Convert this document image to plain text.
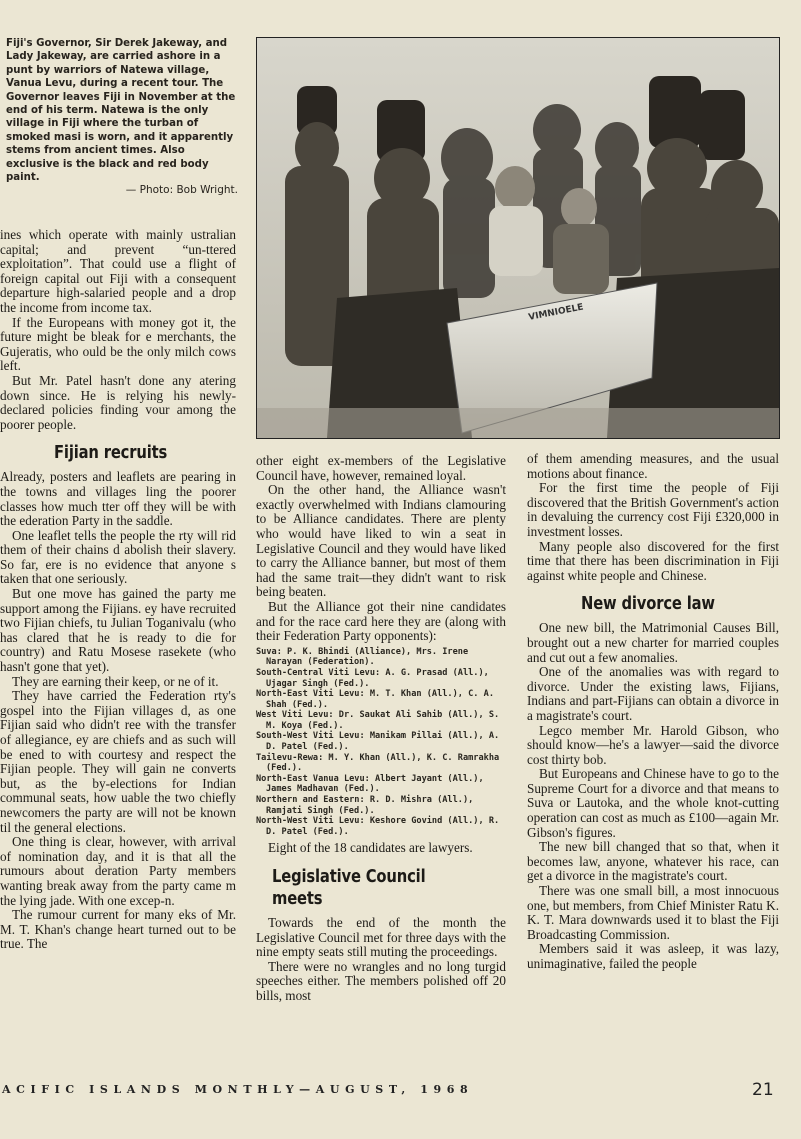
Fiji's Governor, Sir Derek Jakeway, and Lady Jakeway, are carried ashore in a punt by warriors of Natewa village, Vanua Levu, during a recent tour. The Governor leaves Fiji in November at the end of his term. Natewa is the only village in Fiji where the turban of smoked masi is worn, and it apparently stems from ancient times. Also exclusive is the black and red body paint.
— Photo: Bob Wright.
VIMNIOELE

ines which operate with mainly ustralian capital; and prevent “un-ttered exploitation”. That could use a flight of foreign capital out Fiji with a consequent departure high-salaried people and a drop the income from income tax.

If the Europeans with money got it, the future might be bleak for e merchants, the Gujeratis, who ould be the only milch cows left.

But Mr. Patel hasn't done any atering down since. He is relying his newly-declared policies finding vour among the poorer people.

Fijian recruits

Already, posters and leaflets are pearing in the towns and villages ling the poorer classes how much tter off they will be with the ederation Party in the saddle.

One leaflet tells the people the rty will rid them of their chains d abolish their slavery. So far, ere is no evidence that anyone s taken that one seriously.

But one move has gained the party me support among the Fijians. ey have recruited two Fijian chiefs, tu Julian Toganivalu (who has clared that he is ready to die for country) and Ratu Mosese rasekete (who hasn't gone that yet).

They are earning their keep, or ne of it.

They have carried the Federation rty's gospel into the Fijian villages d, as one Fijian said who didn't ree with the transfer of allegiance, ey are chiefs and as such will be ened to with courtesy and respect the Fijian people. They will gain ne converts but, as the by-elections for Indian communal seats, how uable the two chiefly newcomers the party are will not be known til the general elections.

One thing is clear, however, with arrival of nomination day, and it is that all the rumours about deration Party members wanting break away from the party came m the lying jade. With one excep-n.

The rumour current for many eks of Mr. M. T. Khan's change heart turned out to be true. The

other eight ex-members of the Legislative Council have, however, remained loyal.

On the other hand, the Alliance wasn't exactly overwhelmed with Indians clamouring to be Alliance candidates. There are plenty who would have liked to win a seat in Legislative Council and they would have liked to carry the Alliance banner, but most of them had the same trait—they didn't want to risk being beaten.

But the Alliance got their nine candidates and for the race card here they are (along with their Federation Party opponents):

Suva: P. K. Bhindi (Alliance), Mrs. Irene Narayan (Federation).
South-Central Viti Levu: A. G. Prasad (All.), Ujagar Singh (Fed.).
North-East Viti Levu: M. T. Khan (All.), C. A. Shah (Fed.).
West Viti Levu: Dr. Saukat Ali Sahib (All.), S. M. Koya (Fed.).
South-West Viti Levu: Manikam Pillai (All.), A. D. Patel (Fed.).
Tailevu-Rewa: M. Y. Khan (All.), K. C. Ramrakha (Fed.).
North-East Vanua Levu: Albert Jayant (All.), James Madhavan (Fed.).
Northern and Eastern: R. D. Mishra (All.), Ramjati Singh (Fed.).
North-West Viti Levu: Keshore Govind (All.), R. D. Patel (Fed.).

Eight of the 18 candidates are lawyers.

Legislative Council meets

Towards the end of the month the Legislative Council met for three days with the nine empty seats still muting the proceedings.

There were no wrangles and no long turgid speeches either. The members polished off 20 bills, most

of them amending measures, and the usual motions about finance.

For the first time the people of Fiji discovered that the British Government's action in devaluing the currency cost Fiji £320,000 in investment losses.

Many people also discovered for the first time that there has been discrimination in Fiji against white people and Chinese.

New divorce law

One new bill, the Matrimonial Causes Bill, brought out a new charter for married couples and cut out a few anomalies.

One of the anomalies was with regard to divorce. Under the existing laws, Fijians, Indians and part-Fijians can obtain a divorce in a magistrate's court.

Legco member Mr. Harold Gibson, who should know—he's a lawyer—said the divorce cost thirty bob.

But Europeans and Chinese have to go to the Supreme Court for a divorce and that means to Suva or Lautoka, and the whole knot-cutting operation can cost as much as £100—again Mr. Gibson's figures.

The new bill changed that so that, when it becomes law, anyone, whatever his race, can get a divorce in the magistrate's court.

There was one small bill, a most innocuous one, but members, from Chief Minister Ratu K. K. T. Mara downwards used it to blast the Fiji Broadcasting Commission.

Members said it was asleep, it was lazy, unimaginative, failed the people

ACIFIC ISLANDS MONTHLY—AUGUST, 1968	21
